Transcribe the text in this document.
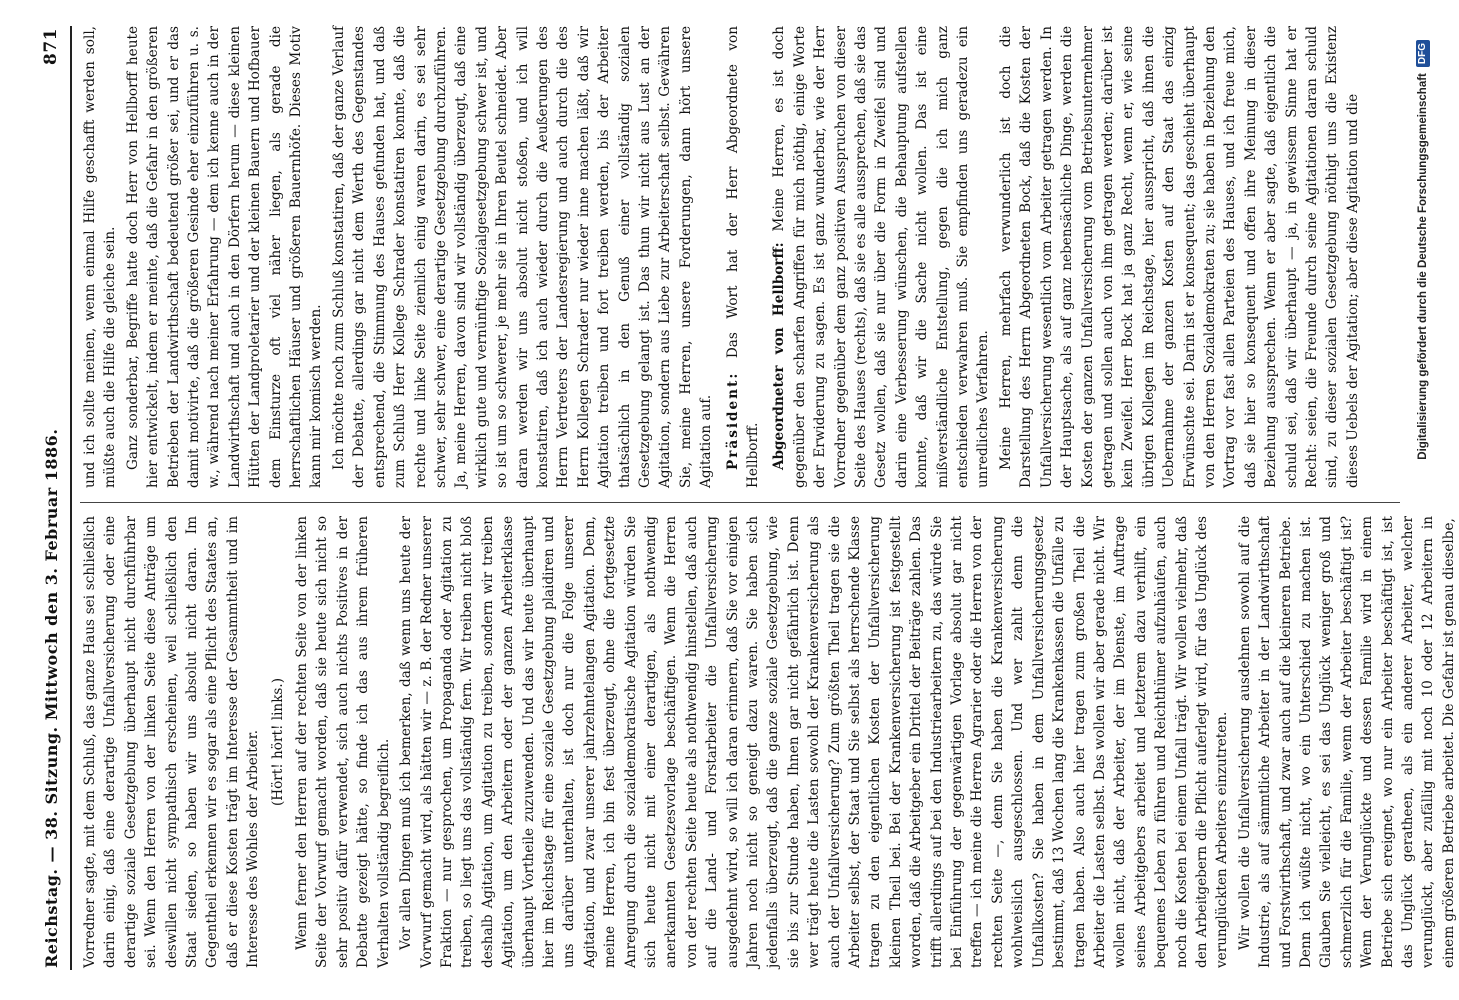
Reichstag. — 38. Sitzung. Mittwoch den 3. Februar 1886.
871

Vorredner sagte, mit dem Schluß, das ganze Haus sei schließlich darin einig, daß eine derartige Unfallversicherung oder eine derartige soziale Gesetzgebung überhaupt nicht durchführbar sei. Wenn den Herren von der linken Seite diese Anträge um deswillen nicht sympathisch erscheinen, weil schließlich den Staat sieden, so haben wir uns absolut nicht daran. Im Gegentheil erkennen wir es sogar als eine Pflicht des Staates an, daß er diese Kosten trägt im Interesse der Gesammtheit und im Interesse des Wohles der Arbeiter. (Hört! hört! links.) Wenn ferner den Herren auf der rechten Seite von der linken Seite der Vorwurf gemacht worden, daß sie heute sich nicht so sehr positiv dafür verwendet, sich auch nichts Positives in der Debatte gezeigt hätte, so finde ich das aus ihrem früheren Verhalten vollständig begreiflich. Vor allen Dingen muß ich bemerken, daß wenn uns heute der Vorwurf gemacht wird, als hätten wir — z. B. der Redner unserer Fraktion — nur gesprochen, um Propaganda oder Agitation zu treiben, so liegt uns das vollständig fern. Wir treiben nicht bloß deshalb Agitation, um Agitation zu treiben, sondern wir treiben Agitation, um den Arbeitern oder der ganzen Arbeiterklasse überhaupt Vortheile zuzuwenden. Und das wir heute überhaupt hier im Reichstage für eine soziale Gesetzgebung plaidiren und uns darüber unterhalten, ist doch nur die Folge unserer Agitation, und zwar unserer jahrzehntelangen Agitation. Denn, meine Herren, ich bin fest überzeugt, ohne die fortgesetzte Anregung durch die sozialdemokratische Agitation würden Sie sich heute nicht mit einer derartigen, als nothwendig anerkannten Gesetzesvorlage beschäftigen. Wenn die Herren von der rechten Seite heute als nothwendig hinstellen, daß auch auf die Land- und Forstarbeiter die Unfallversicherung ausgedehnt wird, so will ich daran erinnern, daß Sie vor einigen Jahren noch nicht so geneigt dazu waren. Sie haben sich jedenfalls überzeugt, daß die ganze soziale Gesetzgebung, wie sie bis zur Stunde haben, Ihnen gar nicht gefährlich ist. Denn wer trägt heute die Lasten sowohl der Krankenversicherung als auch der Unfallversicherung? Zum größten Theil tragen sie die Arbeiter selbst, der Staat und Sie selbst als herrschende Klasse tragen zu den eigentlichen Kosten der Unfallversicherung kleinen Theil bei. Bei der Krankenversicherung ist festgestellt worden, daß die Arbeitgeber ein Drittel der Beiträge zahlen. Das trifft allerdings auf bei den Industriearbeitern zu, das würde Sie bei Einführung der gegenwärtigen Vorlage absolut gar nicht treffen — ich meine die Herren Agrarier oder die Herren von der rechten Seite —, denn Sie haben die Krankenversicherung wohlweislich ausgeschlossen. Und wer zahlt denn die Unfallkosten? Sie haben in dem Unfallversicherungsgesetz bestimmt, daß 13 Wochen lang die Krankenkassen die Unfälle zu tragen haben. Also auch hier tragen zum großen Theil die Arbeiter die Lasten selbst. Das wollen wir aber gerade nicht. Wir wollen nicht, daß der Arbeiter, der im Dienste, im Auftrage seines Arbeitgebers arbeitet und letzterem dazu verhilft, ein bequemes Leben zu führen und Reichthümer aufzuhäufen, auch noch die Kosten bei einem Unfall trägt. Wir wollen vielmehr, daß den Arbeitgebern die Pflicht auferlegt wird, für das Unglück des verunglückten Arbeiters einzutreten. Wir wollen die Unfallversicherung ausdehnen sowohl auf die Industrie, als auf sämmtliche Arbeiter in der Landwirthschaft und Forstwirthschaft, und zwar auch auf die kleineren Betriebe. Denn ich wüßte nicht, wo ein Unterschied zu machen ist. Glauben Sie vielleicht, es sei das Unglück weniger groß und schmerzlich für die Familie, wenn der Arbeiter beschäftigt ist? Wenn der Verunglückte und dessen Familie wird in einem Betriebe sich ereignet, wo nur ein Arbeiter beschäftigt ist, ist das Unglück geratheen, als ein anderer Arbeiter, welcher verunglückt, aber zufällig mit noch 10 oder 12 Arbeitern in einem größeren Betriebe arbeitet. Die Gefahr ist genau dieselbe,

und ich sollte meinen, wenn einmal Hilfe geschafft werden soll, müßte auch die Hilfe die gleiche sein. Ganz sonderbar, Begriffe hatte doch Herr von Hellborff heute hier entwickelt, indem er meinte, daß die Gefahr in den größeren Betrieben der Landwirthschaft bedeutend größer sei, und er das damit motivirte, daß die größeren Gesinde eher einzuführen u. s. w., während nach meiner Erfahrung — dem ich kenne auch in der Landwirthschaft und auch in den Dörfern herum — diese kleinen Hütten der Landproletarier und der kleinen Bauern und Hofbauer dem Einsturze oft viel näher liegen, als gerade die herrschaftlichen Häuser und größeren Bauernhöfe. Dieses Motiv kann mir komisch werden. Ich möchte noch zum Schluß konstatiren, daß der ganze Verlauf der Debatte, allerdings gar nicht dem Werth des Gegenstandes entsprechend, die Stimmung des Hauses gefunden hat, und daß zum Schluß Herr Kollege Schrader konstatiren konnte, daß die rechte und linke Seite ziemlich einig waren darin, es sei sehr schwer, sehr schwer, eine derartige Gesetzgebung durchzuführen. Ja, meine Herren, davon sind wir vollständig überzeugt, daß eine wirklich gute und vernünftige Sozialgesetzgebung schwer ist, und so ist um so schwerer, je mehr sie in Ihren Beutel schneidet. Aber daran werden wir uns absolut nicht stoßen, und ich will konstatiren, daß ich auch wieder durch die Aeußerungen des Herrn Vertreters der Landesregierung und auch durch die des Herrn Kollegen Schrader nur wieder inne machen läßt, daß wir Agitation treiben und fort treiben werden, bis der Arbeiter thatsächlich in den Genuß einer vollständig sozialen Gesetzgebung gelangt ist. Das thun wir nicht aus Lust an der Agitation, sondern aus Liebe zur Arbeiterschaft selbst. Gewähren Sie, meine Herren, unsere Forderungen, dann hört unsere Agitation auf. Präsident: Das Wort hat der Herr Abgeordnete von Hellborff. Abgeordneter von Hellborff: Meine Herren, es ist doch gegenüber den scharfen Angriffen für mich nöthig, einige Worte der Erwiderung zu sagen. Es ist ganz wunderbar, wie der Herr Vorredner gegenüber dem ganz positiven Ausspruchen von dieser Seite des Hauses (rechts), daß sie es alle aussprechen, daß sie das Gesetz wollen, daß sie nur über die Form in Zweifel sind und darin eine Verbesserung wünschen, die Behauptung aufstellen konnte, daß wir die Sache nicht wollen. Das ist eine mißverständliche Entstellung, gegen die ich mich ganz entschieden verwahren muß. Sie empfinden uns geradezu ein unredliches Verfahren. Meine Herren, mehrfach verwunderlich ist doch die Darstellung des Herrn Abgeordneten Bock, daß die Kosten der Unfallversicherung wesentlich vom Arbeiter getragen werden. In der Hauptsache, als auf ganz nebensächliche Dinge, werden die Kosten der ganzen Unfallversicherung vom Betriebsunternehmer getragen und sollen auch von ihm getragen werden; darüber ist kein Zweifel. Herr Bock hat ja ganz Recht, wenn er, wie seine übrigen Kollegen im Reichstage, hier ausspricht, daß ihnen die Uebernahme der ganzen Kosten auf den Staat das einzig Erwünschte sei. Darin ist er konsequent; das geschieht überhaupt von den Herren Sozialdemokraten zu; sie haben in Beziehung den Vortrag vor fast allen Parteien des Hauses, und ich freue mich, daß sie hier so konsequent und offen ihre Meinung in dieser Beziehung aussprechen. Wenn er aber sagte, daß eigentlich die schuld sei, daß wir überhaupt — ja, in gewissem Sinne hat er Recht: seien, die Freunde durch seine Agitationen daran schuld sind, zu dieser sozialen Gesetzgebung nöthigt uns die Existenz dieses Uebels der Agitation; aber diese Agitation und die	Digitalisierung gefördert durch die Deutsche Forschungsgemeinschaft
DFG
